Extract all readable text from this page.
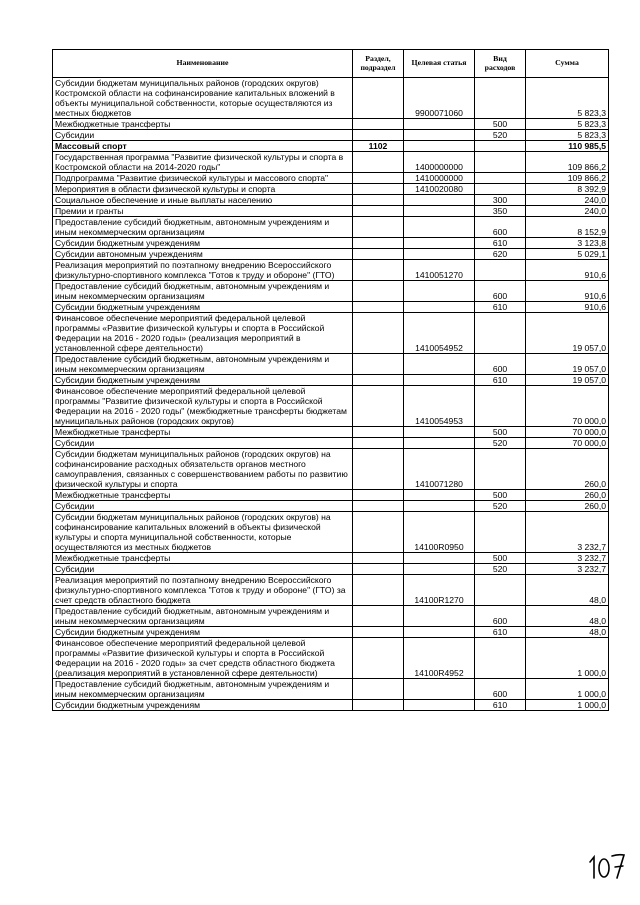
Наименование	Раздел, подраздел	Целевая статья	Вид расходов	Сумма
Субсидии бюджетам муниципальных районов (городских округов) Костромской области на софинансирование капитальных вложений в объекты муниципальной собственности, которые осуществляются из местных бюджетов		9900071060		5 823,3
Межбюджетные трансферты			500	5 823,3
Субсидии			520	5 823,3
Массовый спорт	1102			110 985,5
Государственная программа "Развитие физической культуры и спорта в Костромской области на 2014-2020 годы"		1400000000		109 866,2
Подпрограмма "Развитие физической культуры и массового спорта"		1410000000		109 866,2
Мероприятия в области физической культуры и спорта		1410020080		8 392,9
Социальное обеспечение и иные выплаты населению			300	240,0
Премии и гранты			350	240,0
Предоставление субсидий бюджетным, автономным учреждениям и иным некоммерческим организациям			600	8 152,9
Субсидии бюджетным учреждениям			610	3 123,8
Субсидии автономным учреждениям			620	5 029,1
Реализация мероприятий по поэтапному внедрению Всероссийского физкультурно-спортивного комплекса "Готов к труду и обороне" (ГТО)		1410051270		910,6
Предоставление субсидий бюджетным, автономным учреждениям и иным некоммерческим организациям			600	910,6
Субсидии бюджетным учреждениям			610	910,6
Финансовое обеспечение мероприятий федеральной целевой программы «Развитие физической культуры и спорта в Российской Федерации на 2016 - 2020 годы» (реализация мероприятий в установленной сфере деятельности)		1410054952		19 057,0
Предоставление субсидий бюджетным, автономным учреждениям и иным некоммерческим организациям			600	19 057,0
Субсидии бюджетным учреждениям			610	19 057,0
Финансовое обеспечение мероприятий федеральной целевой программы "Развитие физической культуры и спорта в Российской Федерации на 2016 - 2020 годы" (межбюджетные трансферты бюджетам муниципальных районов (городских округов)		1410054953		70 000,0
Межбюджетные трансферты			500	70 000,0
Субсидии			520	70 000,0
Субсидии бюджетам муниципальных районов (городских округов) на софинансирование расходных обязательств органов местного самоуправления, связанных с совершенствованием работы по развитию физической культуры и спорта		1410071280		260,0
Межбюджетные трансферты			500	260,0
Субсидии			520	260,0
Субсидии бюджетам муниципальных районов (городских округов) на софинансирование капитальных вложений в объекты физической культуры и спорта муниципальной собственности, которые осуществляются из местных бюджетов		14100R0950		3 232,7
Межбюджетные трансферты			500	3 232,7
Субсидии			520	3 232,7
Реализация мероприятий по поэтапному внедрению Всероссийского физкультурно-спортивного комплекса "Готов к труду и обороне" (ГТО) за счет средств областного бюджета		14100R1270		48,0
Предоставление субсидий бюджетным, автономным учреждениям и иным некоммерческим организациям			600	48,0
Субсидии бюджетным учреждениям			610	48,0
Финансовое обеспечение мероприятий федеральной целевой программы «Развитие физической культуры и спорта в Российской Федерации на 2016 - 2020 годы» за счет средств областного бюджета (реализация мероприятий в установленной сфере деятельности)		14100R4952		1 000,0
Предоставление субсидий бюджетным, автономным учреждениям и иным некоммерческим организациям			600	1 000,0
Субсидии бюджетным учреждениям			610	1 000,0
